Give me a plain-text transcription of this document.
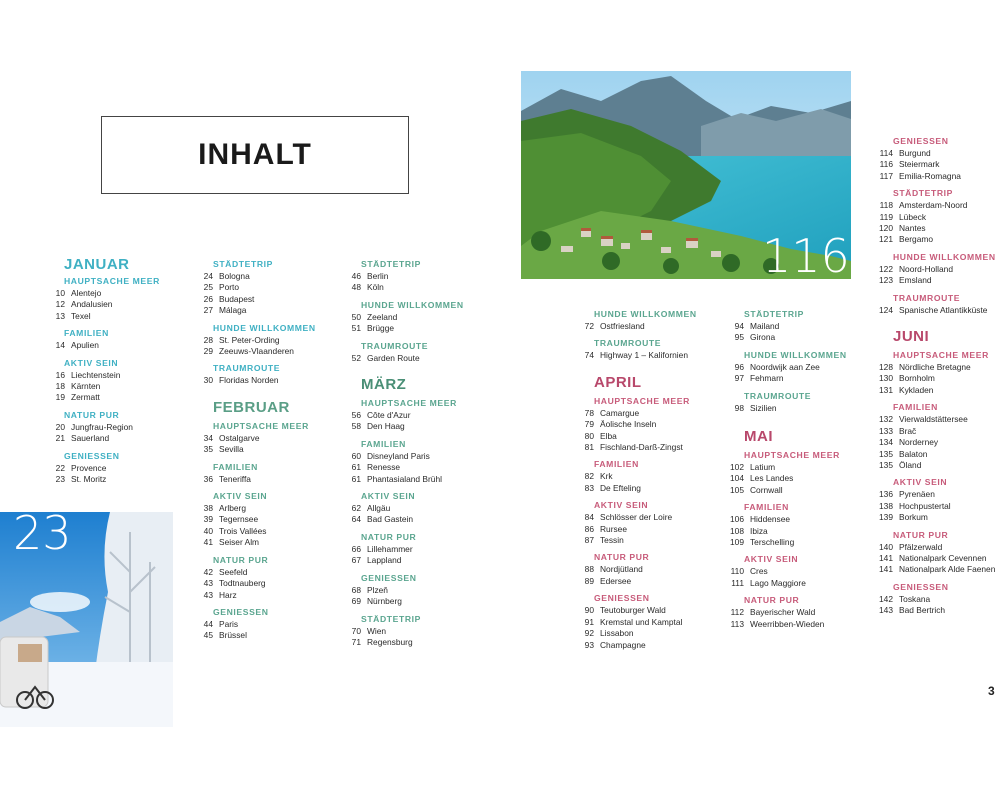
INHALT
116
23
JANUAR
HAUPTSACHE MEER
10 Alentejo
12 Andalusien
13 Texel
FAMILIEN
14 Apulien
AKTIV SEIN
16 Liechtenstein
18 Kärnten
19 Zermatt
NATUR PUR
20 Jungfrau-Region
21 Sauerland
GENIESSEN
22 Provence
23 St. Moritz
STÄDTETRIP
24 Bologna
25 Porto
26 Budapest
27 Málaga
HUNDE WILLKOMMEN
28 St. Peter-Ording
29 Zeeuws-Vlaanderen
TRAUMROUTE
30 Floridas Norden
FEBRUAR
HAUPTSACHE MEER
34 Ostalgarve
35 Sevilla
FAMILIEN
36 Teneriffa
AKTIV SEIN
38 Arlberg
39 Tegernsee
40 Trois Vallées
41 Seiser Alm
NATUR PUR
42 Seefeld
43 Todtnauberg
43 Harz
GENIESSEN
44 Paris
45 Brüssel
STÄDTETRIP
46 Berlin
48 Köln
HUNDE WILLKOMMEN
50 Zeeland
51 Brügge
TRAUMROUTE
52 Garden Route
MÄRZ
HAUPTSACHE MEER
56 Côte d'Azur
58 Den Haag
FAMILIEN
60 Disneyland Paris
61 Renesse
61 Phantasialand Brühl
AKTIV SEIN
62 Allgäu
64 Bad Gastein
NATUR PUR
66 Lillehammer
67 Lappland
GENIESSEN
68 Plzeň
69 Nürnberg
STÄDTETRIP
70 Wien
71 Regensburg
HUNDE WILLKOMMEN
72 Ostfriesland
TRAUMROUTE
74 Highway 1 – Kalifornien
APRIL
HAUPTSACHE MEER
78 Camargue
79 Äolische Inseln
80 Elba
81 Fischland-Darß-Zingst
FAMILIEN
82 Krk
83 De Efteling
AKTIV SEIN
84 Schlösser der Loire
86 Rursee
87 Tessin
NATUR PUR
88 Nordjütland
89 Edersee
GENIESSEN
90 Teutoburger Wald
91 Kremstal und Kamptal
92 Lissabon
93 Champagne
STÄDTETRIP
94 Mailand
95 Girona
HUNDE WILLKOMMEN
96 Noordwijk aan Zee
97 Fehmarn
TRAUMROUTE
98 Sizilien
MAI
HAUPTSACHE MEER
102 Latium
104 Les Landes
105 Cornwall
FAMILIEN
106 Hiddensee
108 Ibiza
109 Terschelling
AKTIV SEIN
110 Cres
111 Lago Maggiore
NATUR PUR
112 Bayerischer Wald
113 Weerribben-Wieden
GENIESSEN
114 Burgund
116 Steiermark
117 Emilia-Romagna
STÄDTETRIP
118 Amsterdam-Noord
119 Lübeck
120 Nantes
121 Bergamo
HUNDE WILLKOMMEN
122 Noord-Holland
123 Emsland
TRAUMROUTE
124 Spanische Atlantikküste
JUNI
HAUPTSACHE MEER
128 Nördliche Bretagne
130 Bornholm
131 Kykladen
FAMILIEN
132 Vierwaldstättersee
133 Brač
134 Norderney
135 Balaton
135 Öland
AKTIV SEIN
136 Pyrenäen
138 Hochpustertal
139 Borkum
NATUR PUR
140 Pfälzerwald
141 Nationalpark Cevennen
141 Nationalpark Alde Faenen
GENIESSEN
142 Toskana
143 Bad Bertrich
3
